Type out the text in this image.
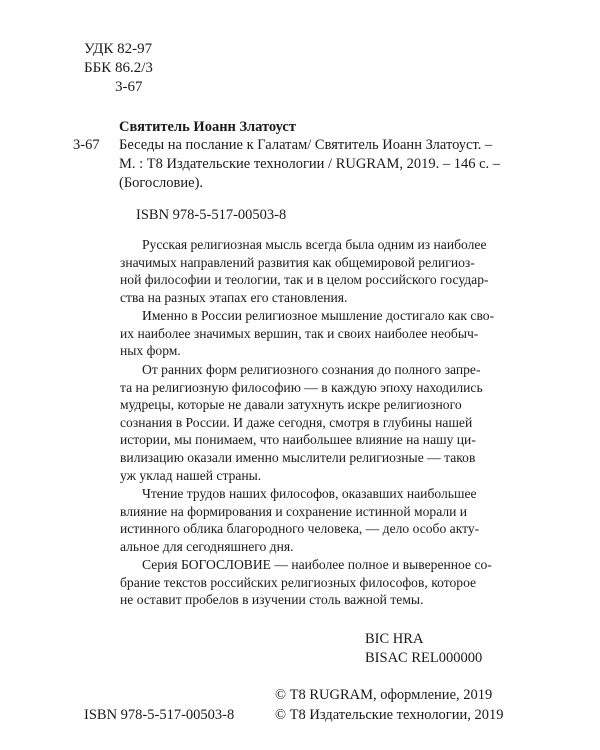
УДК 82-97
ББК 86.2/3
3-67
Святитель Иоанн Златоуст
3-67 Беседы на послание к Галатам/ Святитель Иоанн Златоуст. –
М. : Т8 Издательские технологии / RUGRAM, 2019. – 146 с. –
(Богословие).
ISBN 978-5-517-00503-8
Русская религиозная мысль всегда была одним из наиболее
значимых направлений развития как общемировой религиоз-
ной философии и теологии, так и в целом российского государ-
ства на разных этапах его становления.
Именно в России религиозное мышление достигало как сво-
их наиболее значимых вершин, так и своих наиболее необыч-
ных форм.
От ранних форм религиозного сознания до полного запре-
та на религиозную философию — в каждую эпоху находились
мудрецы, которые не давали затухнуть искре религиозного
сознания в России. И даже сегодня, смотря в глубины нашей
истории, мы понимаем, что наибольшее влияние на нашу ци-
вилизацию оказали именно мыслители религиозные — таков
уж уклад нашей страны.
Чтение трудов наших философов, оказавших наибольшее
влияние на формирования и сохранение истинной морали и
истинного облика благородного человека, — дело особо акту-
альное для сегодняшнего дня.
Серия БОГОСЛОВИЕ — наиболее полное и выверенное со-
брание текстов российских религиозных философов, которое
не оставит пробелов в изучении столь важной темы.
BIC HRA
BISAC REL000000
© Т8 RUGRAM, оформление, 2019
ISBN 978-5-517-00503-8	© Т8 Издательские технологии, 2019
